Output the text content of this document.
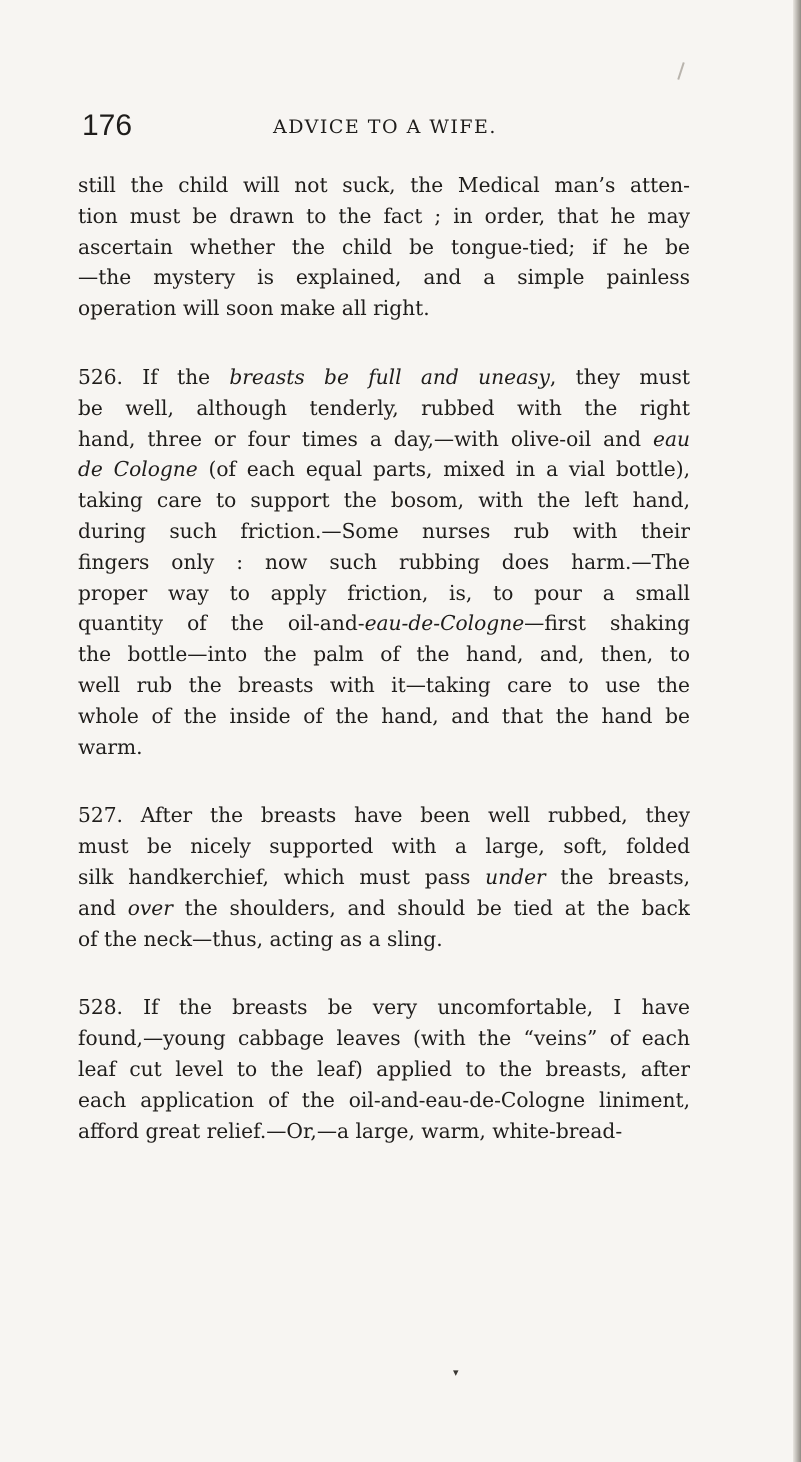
176	ADVICE TO A WIFE.
still the child will not suck, the Medical man’s atten-
tion must be drawn to the fact ; in order, that he may
ascertain whether the child be tongue-tied; if he be
—the mystery is explained, and a simple painless
operation will soon make all right.
526. If the breasts be full and uneasy, they must
be well, although tenderly, rubbed with the right
hand, three or four times a day,—with olive-oil and eau
de Cologne (of each equal parts, mixed in a vial bottle),
taking care to support the bosom, with the left hand,
during such friction.—Some nurses rub with their
fingers only : now such rubbing does harm.—The
proper way to apply friction, is, to pour a small
quantity of the oil-and-eau-de-Cologne—first shaking
the bottle—into the palm of the hand, and, then, to
well rub the breasts with it—taking care to use the
whole of the inside of the hand, and that the hand be
warm.
527. After the breasts have been well rubbed, they
must be nicely supported with a large, soft, folded
silk handkerchief, which must pass under the breasts,
and over the shoulders, and should be tied at the back
of the neck—thus, acting as a sling.
528. If the breasts be very uncomfortable, I have
found,—young cabbage leaves (with the “veins” of each
leaf cut level to the leaf) applied to the breasts, after
each application of the oil-and-eau-de-Cologne liniment,
afford great relief.—Or,—a large, warm, white-bread-
▾
